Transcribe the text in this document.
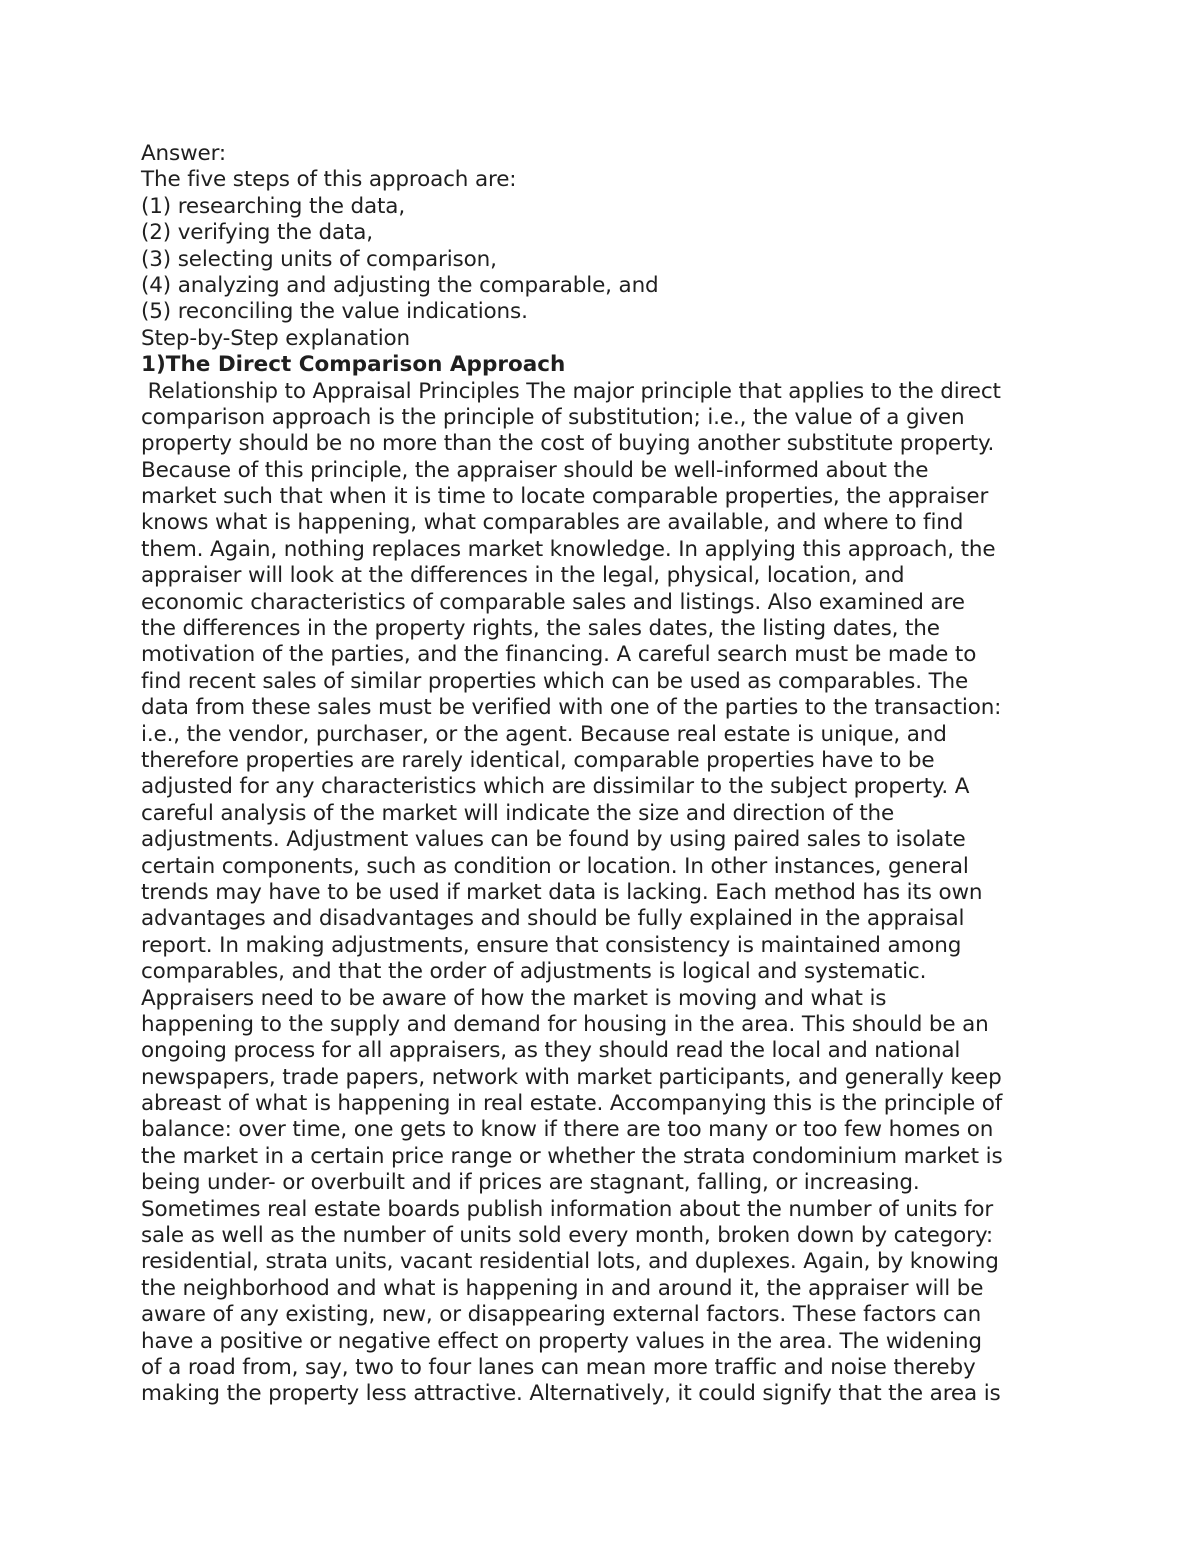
Answer:
The five steps of this approach are:
(1) researching the data,
(2) verifying the data,
(3) selecting units of comparison,
(4) analyzing and adjusting the comparable, and
(5) reconciling the value indications.
Step-by-Step explanation
1)The Direct Comparison Approach
Relationship to Appraisal Principles The major principle that applies to the direct
comparison approach is the principle of substitution; i.e., the value of a given
property should be no more than the cost of buying another substitute property.
Because of this principle, the appraiser should be well-informed about the
market such that when it is time to locate comparable properties, the appraiser
knows what is happening, what comparables are available, and where to find
them. Again, nothing replaces market knowledge. In applying this approach, the
appraiser will look at the differences in the legal, physical, location, and
economic characteristics of comparable sales and listings. Also examined are
the differences in the property rights, the sales dates, the listing dates, the
motivation of the parties, and the financing. A careful search must be made to
find recent sales of similar properties which can be used as comparables. The
data from these sales must be verified with one of the parties to the transaction:
i.e., the vendor, purchaser, or the agent. Because real estate is unique, and
therefore properties are rarely identical, comparable properties have to be
adjusted for any characteristics which are dissimilar to the subject property. A
careful analysis of the market will indicate the size and direction of the
adjustments. Adjustment values can be found by using paired sales to isolate
certain components, such as condition or location. In other instances, general
trends may have to be used if market data is lacking. Each method has its own
advantages and disadvantages and should be fully explained in the appraisal
report. In making adjustments, ensure that consistency is maintained among
comparables, and that the order of adjustments is logical and systematic.
Appraisers need to be aware of how the market is moving and what is
happening to the supply and demand for housing in the area. This should be an
ongoing process for all appraisers, as they should read the local and national
newspapers, trade papers, network with market participants, and generally keep
abreast of what is happening in real estate. Accompanying this is the principle of
balance: over time, one gets to know if there are too many or too few homes on
the market in a certain price range or whether the strata condominium market is
being under- or overbuilt and if prices are stagnant, falling, or increasing.
Sometimes real estate boards publish information about the number of units for
sale as well as the number of units sold every month, broken down by category:
residential, strata units, vacant residential lots, and duplexes. Again, by knowing
the neighborhood and what is happening in and around it, the appraiser will be
aware of any existing, new, or disappearing external factors. These factors can
have a positive or negative effect on property values in the area. The widening
of a road from, say, two to four lanes can mean more traffic and noise thereby
making the property less attractive. Alternatively, it could signify that the area is
